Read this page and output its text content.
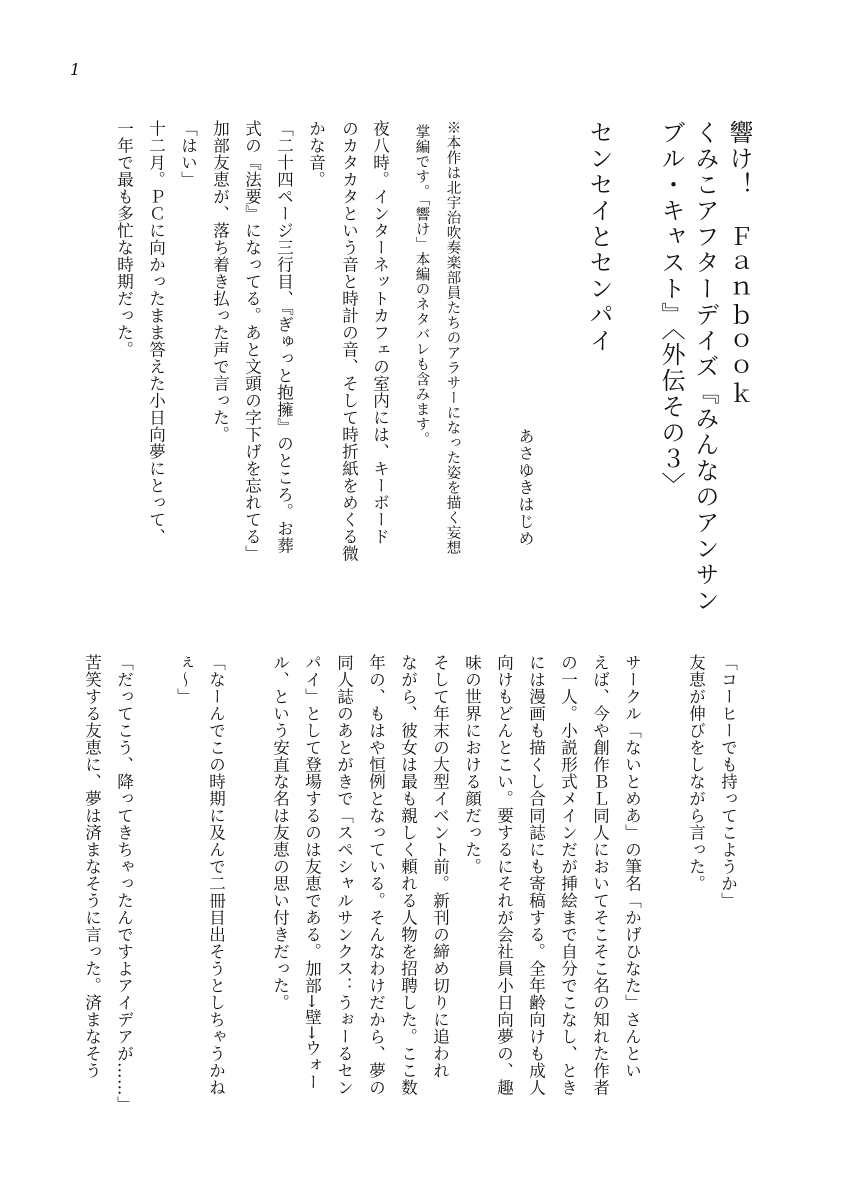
1
響け！　Ｆａｎｂｏｏｋ
くみこアフターデイズ『みんなのアンサン
ブル・キャスト』〈外伝その３〉
センセイとセンパイ
あさゆきはじめ
※本作は北宇治吹奏楽部員たちのアラサーになった姿を描く妄想
掌編です。「響け」本編のネタバレも含みます。
夜八時。インターネットカフェの室内には、キーボード
のカタカタという音と時計の音、そして時折紙をめくる微
かな音。
「二十四ページ三行目、『ぎゅっと抱擁』のところ。お葬
式の『法要』になってる。あと文頭の字下げを忘れてる」
加部友恵が、落ち着き払った声で言った。
「はい」
十二月。ＰＣに向かったまま答えた小日向夢にとって、
一年で最も多忙な時期だった。
「コーヒーでも持ってこようか」
友恵が伸びをしながら言った。
サークル「ないとめあ」の筆名「かげひなた」さんとい
えば、今や創作ＢＬ同人においてそこそこ名の知れた作者
の一人。小説形式メインだが挿絵まで自分でこなし、とき
には漫画も描くし合同誌にも寄稿する。全年齢向けも成人
向けもどんとこい。要するにそれが会社員小日向夢の、趣
味の世界における顔だった。
そして年末の大型イベント前。新刊の締め切りに追われ
ながら、彼女は最も親しく頼れる人物を招聘した。ここ数
年の、もはや恒例となっている。そんなわけだから、夢の
同人誌のあとがきで「スペシャルサンクス：うぉーるセン
パイ」として登場するのは友恵である。加部→壁→ウォー
ル、という安直な名は友恵の思い付きだった。
「なーんでこの時期に及んで二冊目出そうとしちゃうかね
ぇ〜」
「だってこう、降ってきちゃったんですよアイデアが……」
苦笑する友恵に、夢は済まなそうに言った。済まなそう
